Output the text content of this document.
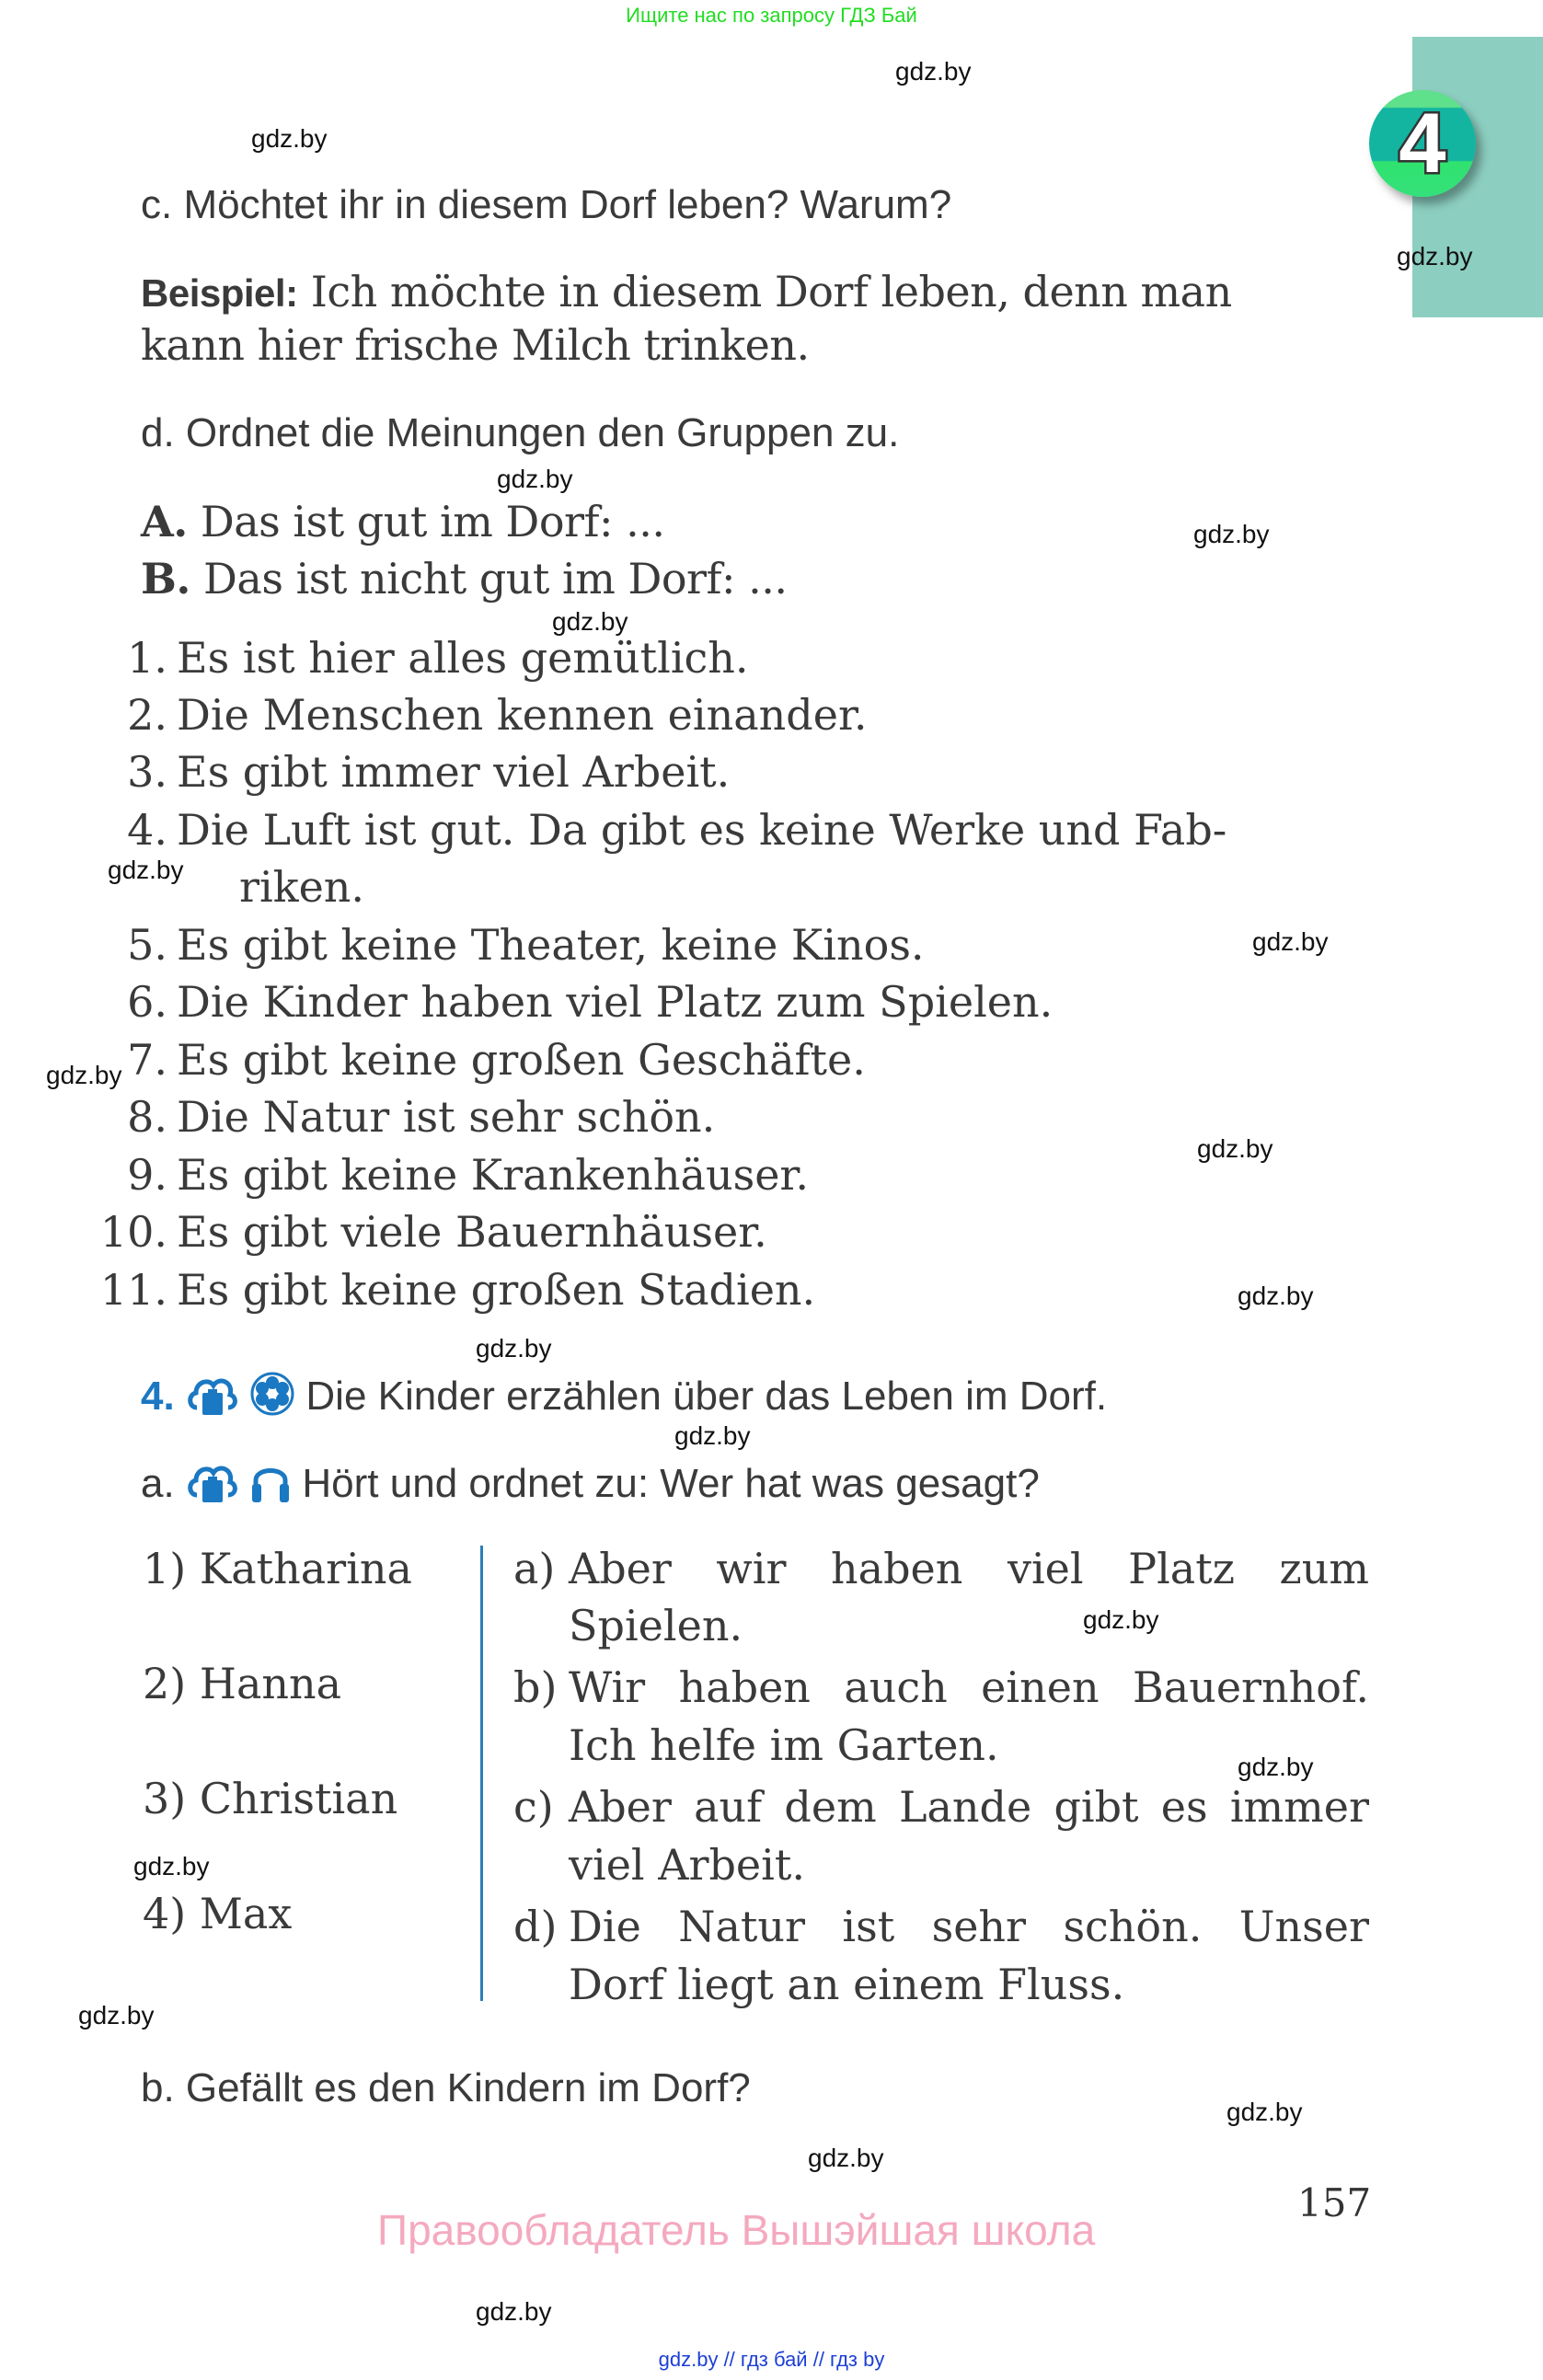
Ищите нас по запросу ГДЗ Бай
4
gdz.by
gdz.by
gdz.by
gdz.by
gdz.by
gdz.by
gdz.by
gdz.by
gdz.by
gdz.by
gdz.by
gdz.by
gdz.by
gdz.by
gdz.by
gdz.by
gdz.by
gdz.by
gdz.by
gdz.by
c. Möchtet ihr in diesem Dorf leben? Warum?
Beispiel: Ich möchte in diesem Dorf leben, denn man
kann hier frische Milch trinken.
d. Ordnet die Meinungen den Gruppen zu.
A. Das ist gut im Dorf: ...
B. Das ist nicht gut im Dorf: ...
1. Es ist hier alles gemütlich.
2. Die Menschen kennen einander.
3. Es gibt immer viel Arbeit.
4. Die Luft ist gut. Da gibt es keine Werke und Fab-
riken.
5. Es gibt keine Theater, keine Kinos.
6. Die Kinder haben viel Platz zum Spielen.
7. Es gibt keine großen Geschäfte.
8. Die Natur ist sehr schön.
9. Es gibt keine Krankenhäuser.
10. Es gibt viele Bauernhäuser.
11. Es gibt keine großen Stadien.
4.	Die Kinder erzählen über das Leben im Dorf.
a.	Hört und ordnet zu: Wer hat was gesagt?
1) Katharina
2) Hanna
3) Christian
4) Max
a) Aber wir haben viel Platz zum
Spielen.
b) Wir haben auch einen Bauernhof.
Ich helfe im Garten.
c) Aber auf dem Lande gibt es immer
viel Arbeit.
d) Die Natur ist sehr schön. Unser
Dorf liegt an einem Fluss.
b. Gefällt es den Kindern im Dorf?
157
Правообладатель Вышэйшая школа
gdz.by // гдз бай // гдз by
